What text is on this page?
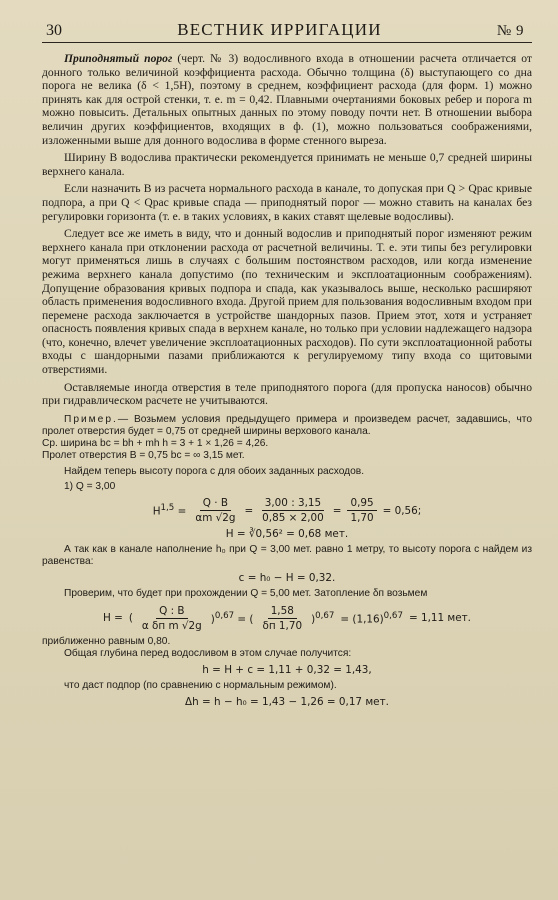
30	ВЕСТНИК ИРРИГАЦИИ	№ 9

Приподнятый порог (черт. № 3) водосливного входа в отношении расчета отличается от донного только величиной коэффициента расхода. Обычно толщина (δ) выступающего со дна порога не велика (δ < 1,5H), поэтому в среднем, коэффициент расхода (для форм. 1) можно принять как для острой стенки, т. е. m = 0,42. Плавными очертаниями боковых ребер и порога m можно повысить. Детальных опытных данных по этому поводу почти нет. В отношении выбора величин других коэффициентов, входящих в ф. (1), можно пользоваться соображениями, изложенными выше для донного водослива в форме стенного выреза.

Ширину B водослива практически рекомендуется принимать не меньше 0,7 средней ширины верхнего канала.

Если назначить B из расчета нормального расхода в канале, то допуская при Q > Qрас кривые подпора, а при Q < Qрас кривые спада — приподнятый порог — можно ставить на каналах без регулировки горизонта (т. е. в таких условиях, в каких ставят щелевые водосливы).

Следует все же иметь в виду, что и донный водослив и приподнятый порог изменяют режим верхнего канала при отклонении расхода от расчетной величины. Т. е. эти типы без регулировки могут применяться лишь в случаях с большим постоянством расходов, или когда изменение режима верхнего канала допустимо (по техническим и эксплоатационным соображениям). Допущение образования кривых подпора и спада, как указывалось выше, несколько расширяют область применения водосливного входа. Другой прием для пользования водосливным входом при перемене расхода заключается в устройстве шандорных пазов. Прием этот, хотя и устраняет опасность появления кривых спада в верхнем канале, но только при условии надлежащего надзора (что, конечно, влечет увеличение эксплоатационных расходов). По сути эксплоатационной работы входы с шандорными пазами приближаются к регулируемому типу входа со щитовыми отверстиями.

Оставляемые иногда отверстия в теле приподнятого порога (для пропуска наносов) обычно при гидравлическом расчете не учитываются.

Пример.— Возьмем условия предыдущего примера и произведем расчет, задавшись, что пролет отверстия будет = 0,75 от средней ширины верхового канала.

Ср. ширина bс = bh + mh h = 3 + 1 × 1,26 = 4,26.

Пролет отверстия B = 0,75 bс = ∞ 3,15 мет.

Найдем теперь высоту порога с для обоих заданных расходов.

1) Q = 3,00

$H^{1,5} = \frac{Q \cdot B}{\alpha m √2g} = \frac{3,00 : 3,15}{0,85 \times 2,00} = \frac{0,95}{1,70} = 0,56$;
H = ∛0,56² = 0,68 мет.

А так как в канале наполнение h₀ при Q = 3,00 мет. равно 1 метру, то высоту порога с найдем из равенства:

c = h₀ − H = 0,32.

Проверим, что будет при прохождении Q = 5,00 мет. Затопление δп возьмем

H = ( $\frac{Q : B}{\text{α δп m √2g}} )^{0,67}$ = ( $\frac{1,58}{\delta п 1,70} )^{0,67} = (1,16)^{0,67} = 1,11$ мет.

приближенно равным 0,80.

Общая глубина перед водосливом в этом случае получится:

h = H + c = 1,11 + 0,32 = 1,43,

что даст подпор (по сравнению с нормальным режимом).

Δh = h − h₀ = 1,43 − 1,26 = 0,17 мет.
